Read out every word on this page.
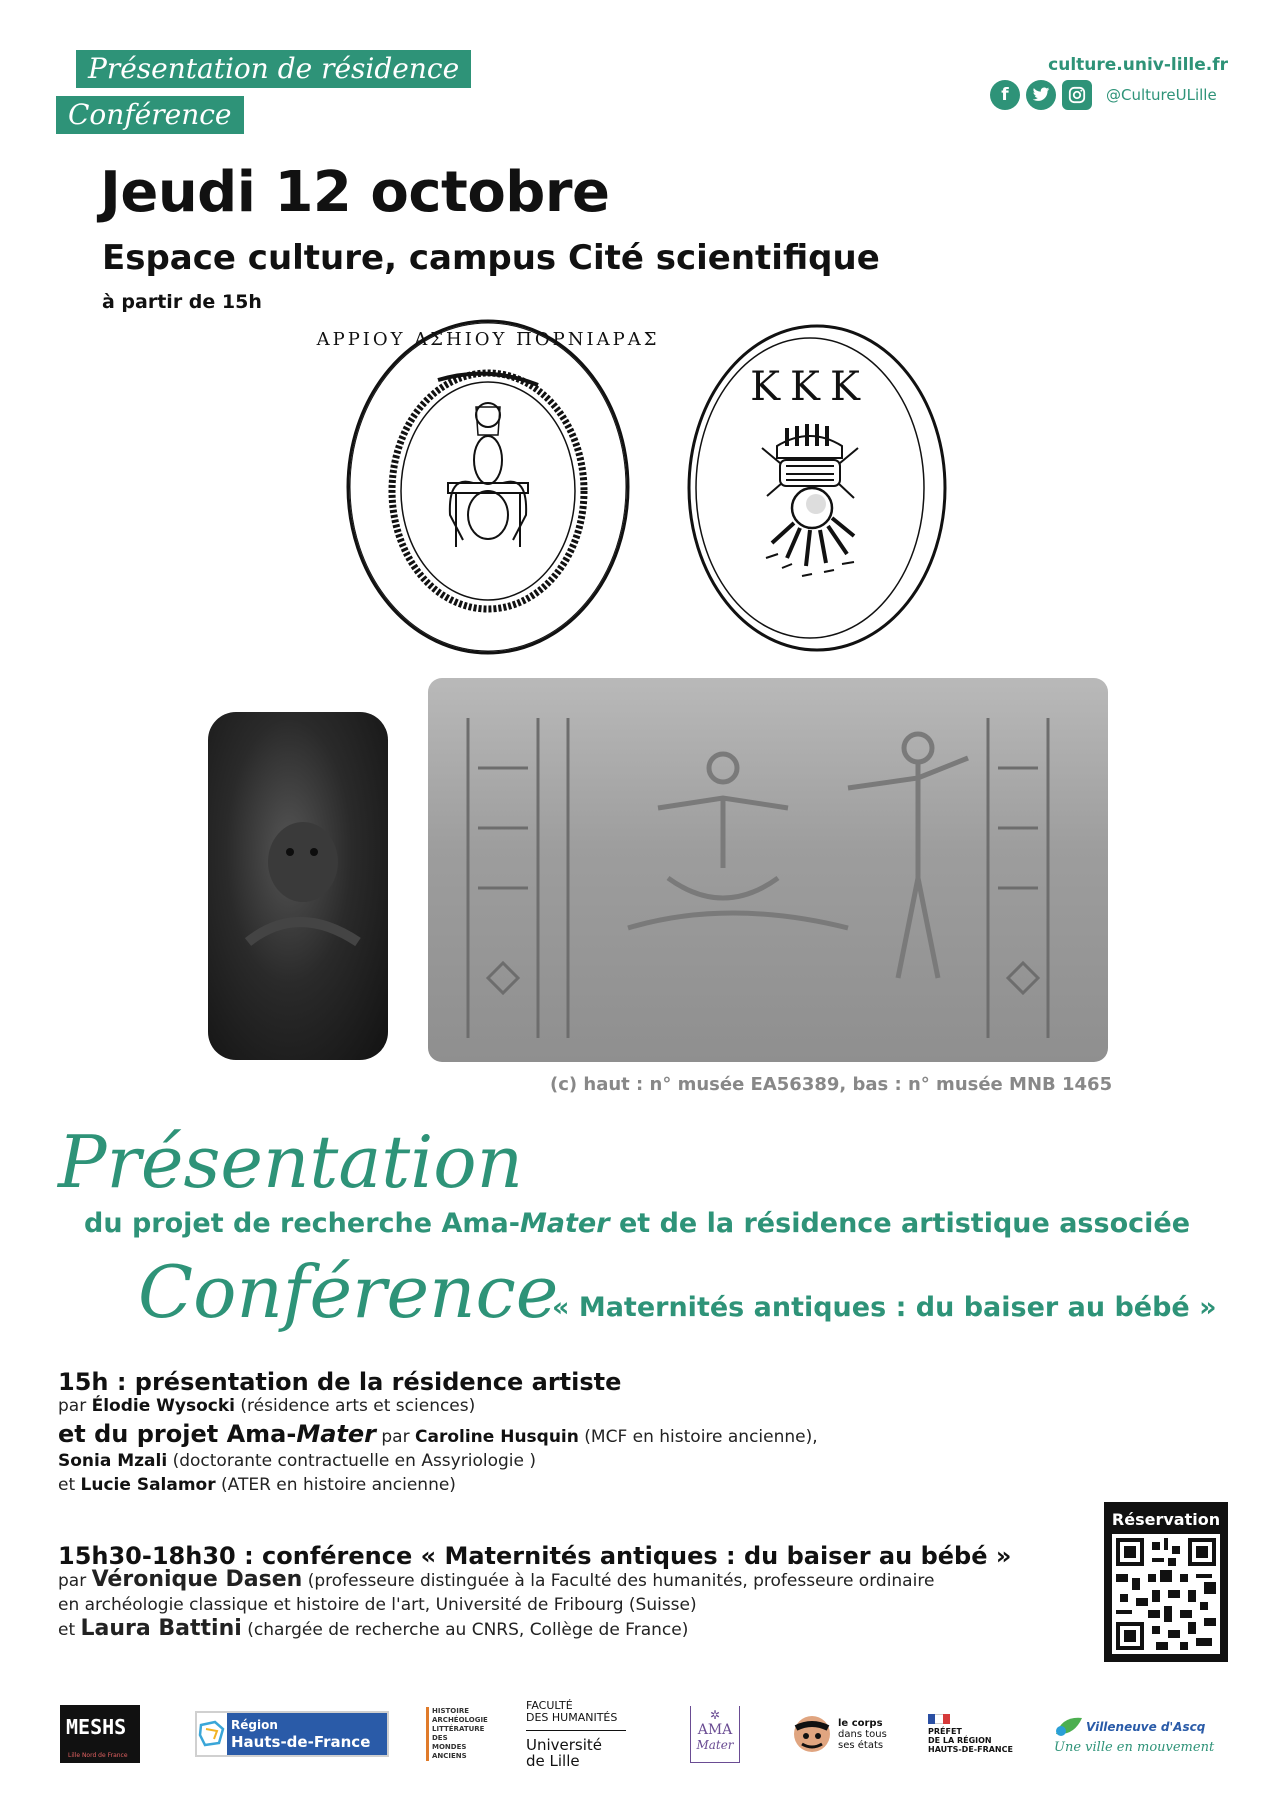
Présentation de résidence
Conférence
culture.univ-lille.fr
f	@CultureULille
Jeudi 12 octobre
Espace culture, campus Cité scientifique
à partir de 15h
ΑΡΡΙΟΥ ΑΣΗΙΟΥ ΠΟΡΝΙΑΡΑΣ
ΚΚΚ
(c) haut : n° musée EA56389, bas : n° musée MNB 1465
Présentation
du projet de recherche Ama-Mater et de la résidence artistique associée
Conférence
« Maternités antiques : du baiser au bébé »
15h : présentation de la résidence artiste
par Élodie Wysocki (résidence arts et sciences)
et du projet Ama-Mater par Caroline Husquin (MCF en histoire ancienne),
Sonia Mzali (doctorante contractuelle en Assyriologie )
et Lucie Salamor (ATER en histoire ancienne)
15h30-18h30 : conférence « Maternités antiques : du baiser au bébé »
par Véronique Dasen (professeure distinguée à la Faculté des humanités, professeure ordinaire
en archéologie classique et histoire de l'art, Université de Fribourg (Suisse)
et Laura Battini (chargée de recherche au CNRS, Collège de France)
Réservation
MESHS
Lille Nord de France
Région
Hauts-de-France
HISTOIRE
ARCHÉOLOGIE
LITTÉRATURE
DES
MONDES
ANCIENS
FACULTÉ
DES HUMANITÉS
Université
de Lille
✲
AMA
Mater
le corps
dans tous
ses états
PRÉFET
DE LA RÉGION
HAUTS-DE-FRANCE
Villeneuve d'Ascq
Une ville en mouvement
